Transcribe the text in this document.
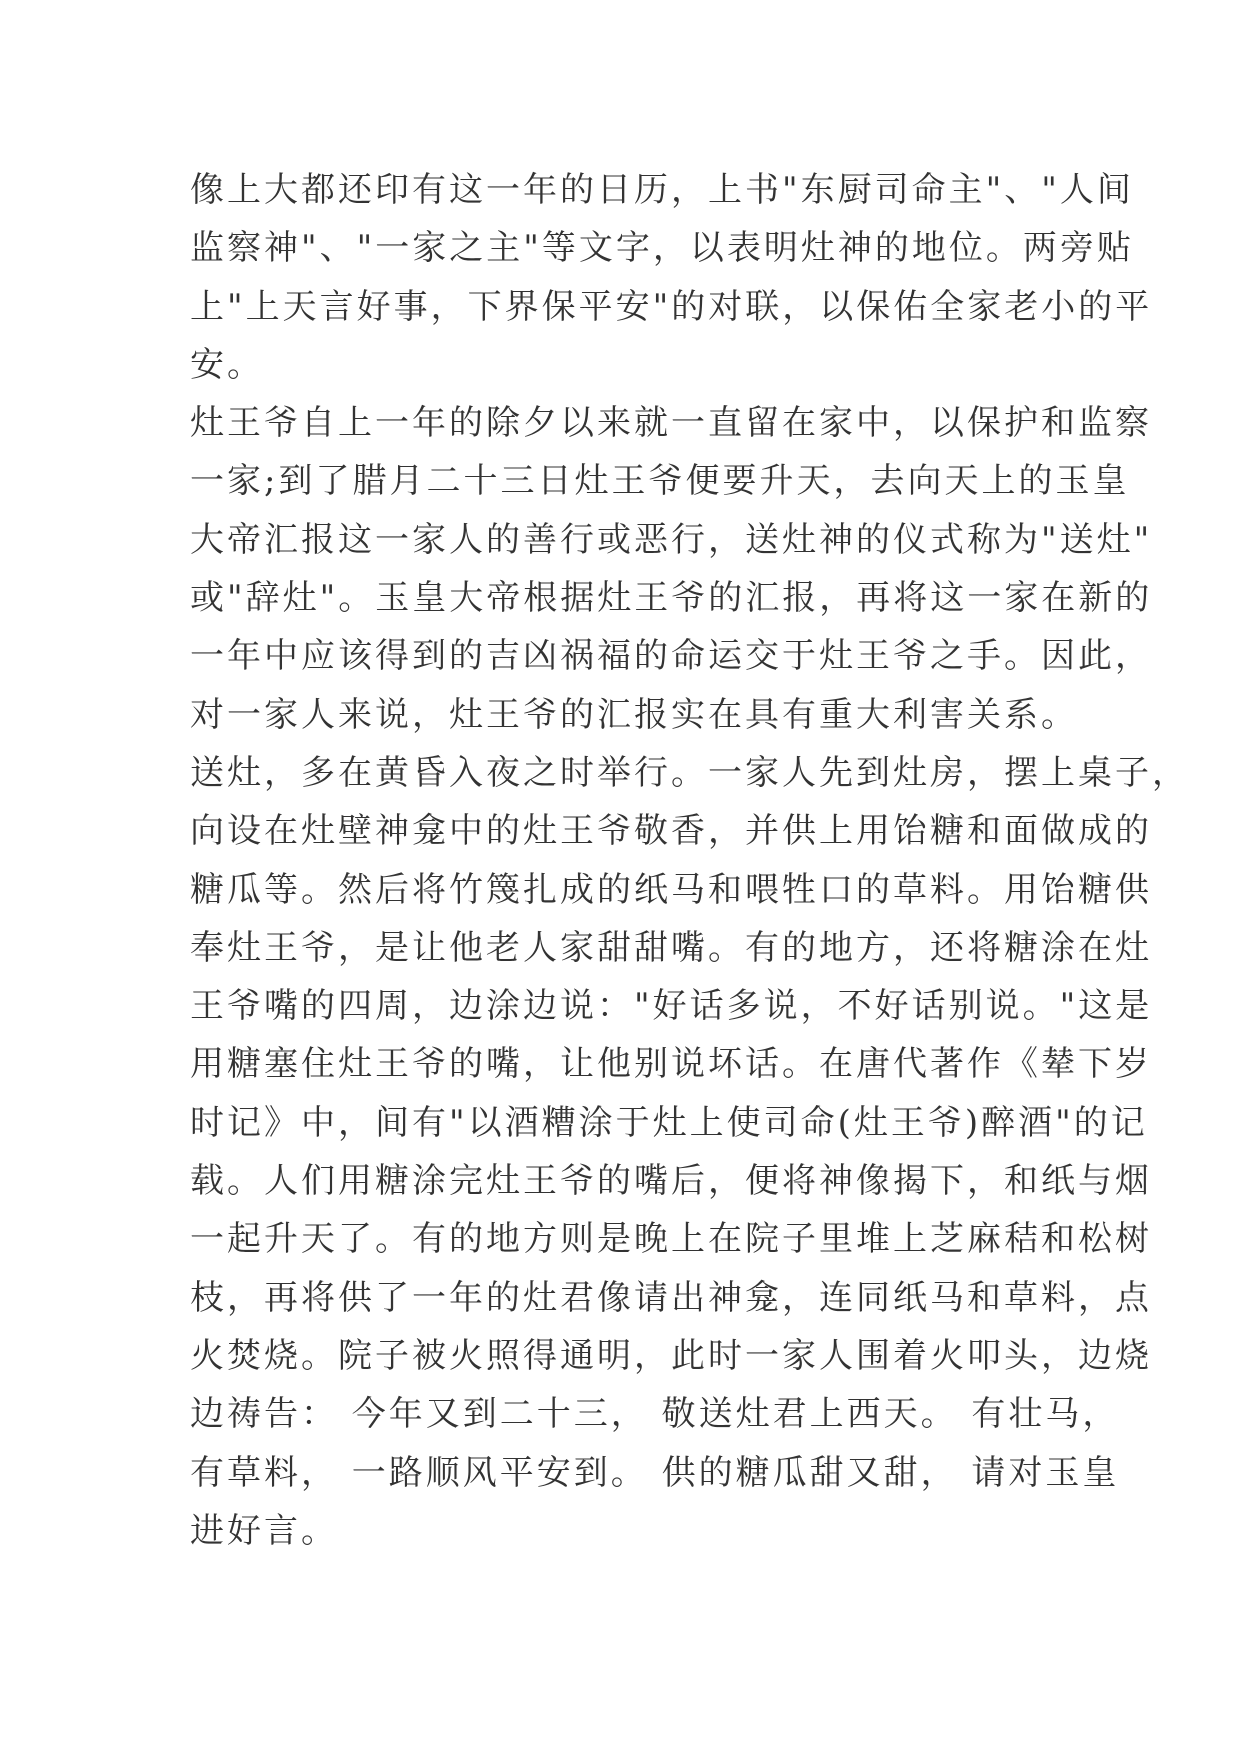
像上大都还印有这一年的日历，上书"东厨司命主"、"人间
监察神"、"一家之主"等文字，以表明灶神的地位。两旁贴
上"上天言好事，下界保平安"的对联，以保佑全家老小的平
安。
灶王爷自上一年的除夕以来就一直留在家中，以保护和监察
一家;到了腊月二十三日灶王爷便要升天，去向天上的玉皇
大帝汇报这一家人的善行或恶行，送灶神的仪式称为"送灶"
或"辞灶"。玉皇大帝根据灶王爷的汇报，再将这一家在新的
一年中应该得到的吉凶祸福的命运交于灶王爷之手。因此，
对一家人来说，灶王爷的汇报实在具有重大利害关系。
送灶，多在黄昏入夜之时举行。一家人先到灶房，摆上桌子，
向设在灶壁神龛中的灶王爷敬香，并供上用饴糖和面做成的
糖瓜等。然后将竹篾扎成的纸马和喂牲口的草料。用饴糖供
奉灶王爷，是让他老人家甜甜嘴。有的地方，还将糖涂在灶
王爷嘴的四周，边涂边说："好话多说，不好话别说。"这是
用糖塞住灶王爷的嘴，让他别说坏话。在唐代著作《辇下岁
时记》中，间有"以酒糟涂于灶上使司命(灶王爷)醉酒"的记
载。人们用糖涂完灶王爷的嘴后，便将神像揭下，和纸与烟
一起升天了。有的地方则是晚上在院子里堆上芝麻秸和松树
枝，再将供了一年的灶君像请出神龛，连同纸马和草料，点
火焚烧。院子被火照得通明，此时一家人围着火叩头，边烧
边祷告： 今年又到二十三， 敬送灶君上西天。 有壮马，
有草料， 一路顺风平安到。 供的糖瓜甜又甜， 请对玉皇
进好言。
